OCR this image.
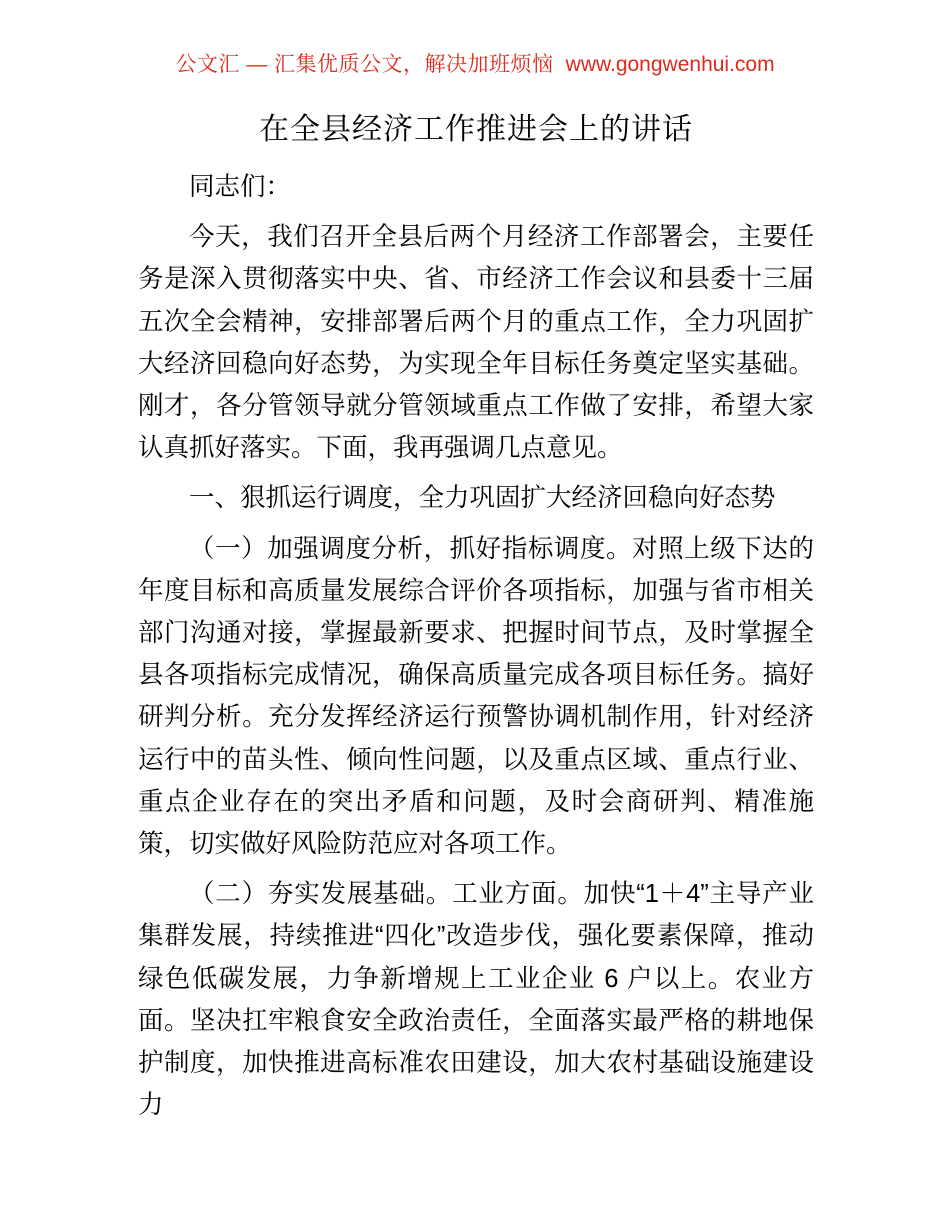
公文汇 — 汇集优质公文，解决加班烦恼 www.gongwenhui.com
在全县经济工作推进会上的讲话

同志们：

今天，我们召开全县后两个月经济工作部署会，主要任务是深入贯彻落实中央、省、市经济工作会议和县委十三届五次全会精神，安排部署后两个月的重点工作，全力巩固扩大经济回稳向好态势，为实现全年目标任务奠定坚实基础。刚才，各分管领导就分管领域重点工作做了安排，希望大家认真抓好落实。下面，我再强调几点意见。

一、狠抓运行调度，全力巩固扩大经济回稳向好态势

（一）加强调度分析，抓好指标调度。对照上级下达的年度目标和高质量发展综合评价各项指标，加强与省市相关部门沟通对接，掌握最新要求、把握时间节点，及时掌握全县各项指标完成情况，确保高质量完成各项目标任务。搞好研判分析。充分发挥经济运行预警协调机制作用，针对经济运行中的苗头性、倾向性问题，以及重点区域、重点行业、重点企业存在的突出矛盾和问题，及时会商研判、精准施策，切实做好风险防范应对各项工作。

（二）夯实发展基础。工业方面。加快“1＋4”主导产业集群发展，持续推进“四化”改造步伐，强化要素保障，推动绿色低碳发展，力争新增规上工业企业 6 户以上。农业方面。坚决扛牢粮食安全政治责任，全面落实最严格的耕地保护制度，加快推进高标准农田建设，加大农村基础设施建设力
